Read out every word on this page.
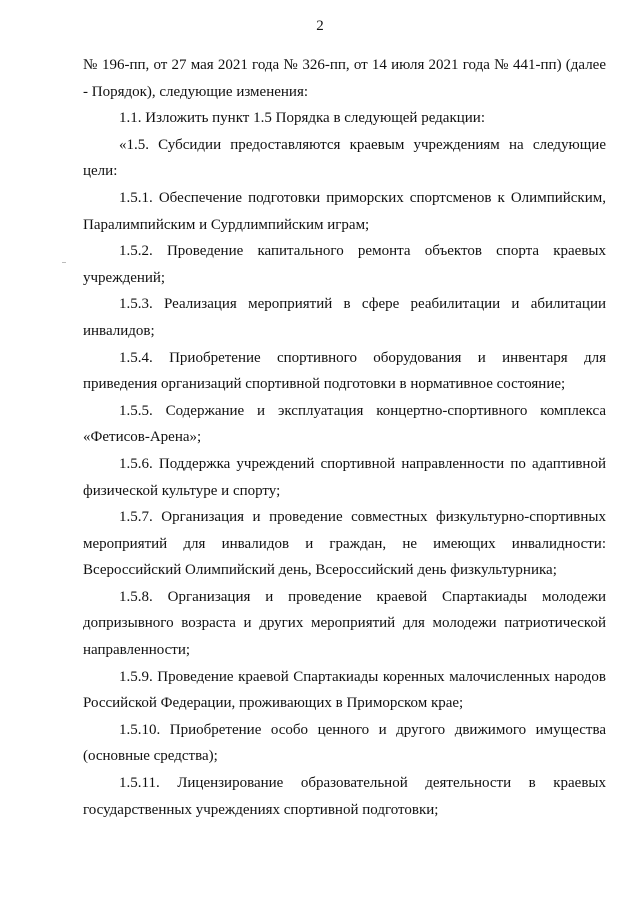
2

№ 196-пп, от 27 мая 2021 года № 326-пп, от 14 июля 2021 года № 441-пп) (далее - Порядок), следующие изменения:

1.1. Изложить пункт 1.5 Порядка в следующей редакции:

«1.5. Субсидии предоставляются краевым учреждениям на следующие цели:

1.5.1. Обеспечение подготовки приморских спортсменов к Олимпийским, Паралимпийским и Сурдлимпийским играм;

1.5.2. Проведение капитального ремонта объектов спорта краевых учреждений;

1.5.3. Реализация мероприятий в сфере реабилитации и абилитации инвалидов;

1.5.4. Приобретение спортивного оборудования и инвентаря для приведения организаций спортивной подготовки в нормативное состояние;

1.5.5. Содержание и эксплуатация концертно-спортивного комплекса «Фетисов-Арена»;

1.5.6. Поддержка учреждений спортивной направленности по адаптивной физической культуре и спорту;

1.5.7. Организация и проведение совместных физкультурно-спортивных мероприятий для инвалидов и граждан, не имеющих инвалидности: Всероссийский Олимпийский день, Всероссийский день физкультурника;

1.5.8. Организация и проведение краевой Спартакиады молодежи допризывного возраста и других мероприятий для молодежи патриотической направленности;

1.5.9. Проведение краевой Спартакиады коренных малочисленных народов Российской Федерации, проживающих в Приморском крае;

1.5.10. Приобретение особо ценного и другого движимого имущества (основные средства);

1.5.11. Лицензирование образовательной деятельности в краевых государственных учреждениях спортивной подготовки;
